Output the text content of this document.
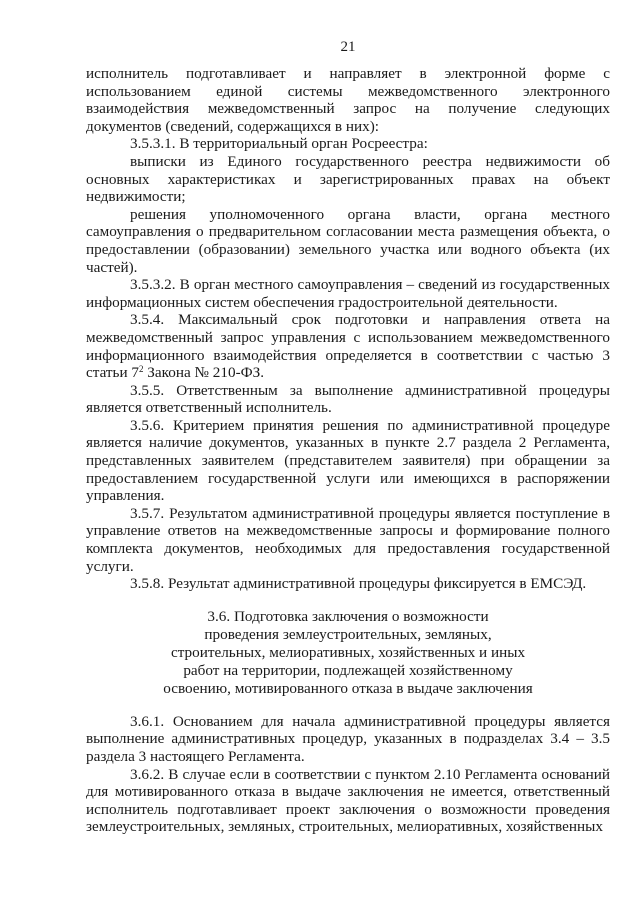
21

исполнитель подготавливает и направляет в электронной форме с использованием единой системы межведомственного электронного взаимодействия межведомственный запрос на получение следующих документов (сведений, содержащихся в них):

3.5.3.1. В территориальный орган Росреестра:

выписки из Единого государственного реестра недвижимости об основных характеристиках и зарегистрированных правах на объект недвижимости;

решения уполномоченного органа власти, органа местного самоуправления о предварительном согласовании места размещения объекта, о предоставлении (образовании) земельного участка или водного объекта (их частей).

3.5.3.2. В орган местного самоуправления – сведений из государственных информационных систем обеспечения градостроительной деятельности.

3.5.4. Максимальный срок подготовки и направления ответа на межведомственный запрос управления с использованием межведомственного информационного взаимодействия определяется в соответствии с частью 3 статьи $7^2$ Закона № 210-ФЗ.

3.5.5. Ответственным за выполнение административной процедуры является ответственный исполнитель.

3.5.6. Критерием принятия решения по административной процедуре является наличие документов, указанных в пункте 2.7 раздела 2 Регламента, представленных заявителем (представителем заявителя) при обращении за предоставлением государственной услуги или имеющихся в распоряжении управления.

3.5.7. Результатом административной процедуры является поступление в управление ответов на межведомственные запросы и формирование полного комплекта документов, необходимых для предоставления государственной услуги.

3.5.8. Результат административной процедуры фиксируется в ЕМСЭД.

3.6. Подготовка заключения о возможности

проведения землеустроительных, земляных,

строительных, мелиоративных, хозяйственных и иных

работ на территории, подлежащей хозяйственному

освоению, мотивированного отказа в выдаче заключения

3.6.1. Основанием для начала административной процедуры является выполнение административных процедур, указанных в подразделах 3.4 – 3.5 раздела 3 настоящего Регламента.

3.6.2. В случае если в соответствии с пунктом 2.10 Регламента оснований для мотивированного отказа в выдаче заключения не имеется, ответственный исполнитель подготавливает проект заключения о возможности проведения землеустроительных, земляных, строительных, мелиоративных, хозяйственных
